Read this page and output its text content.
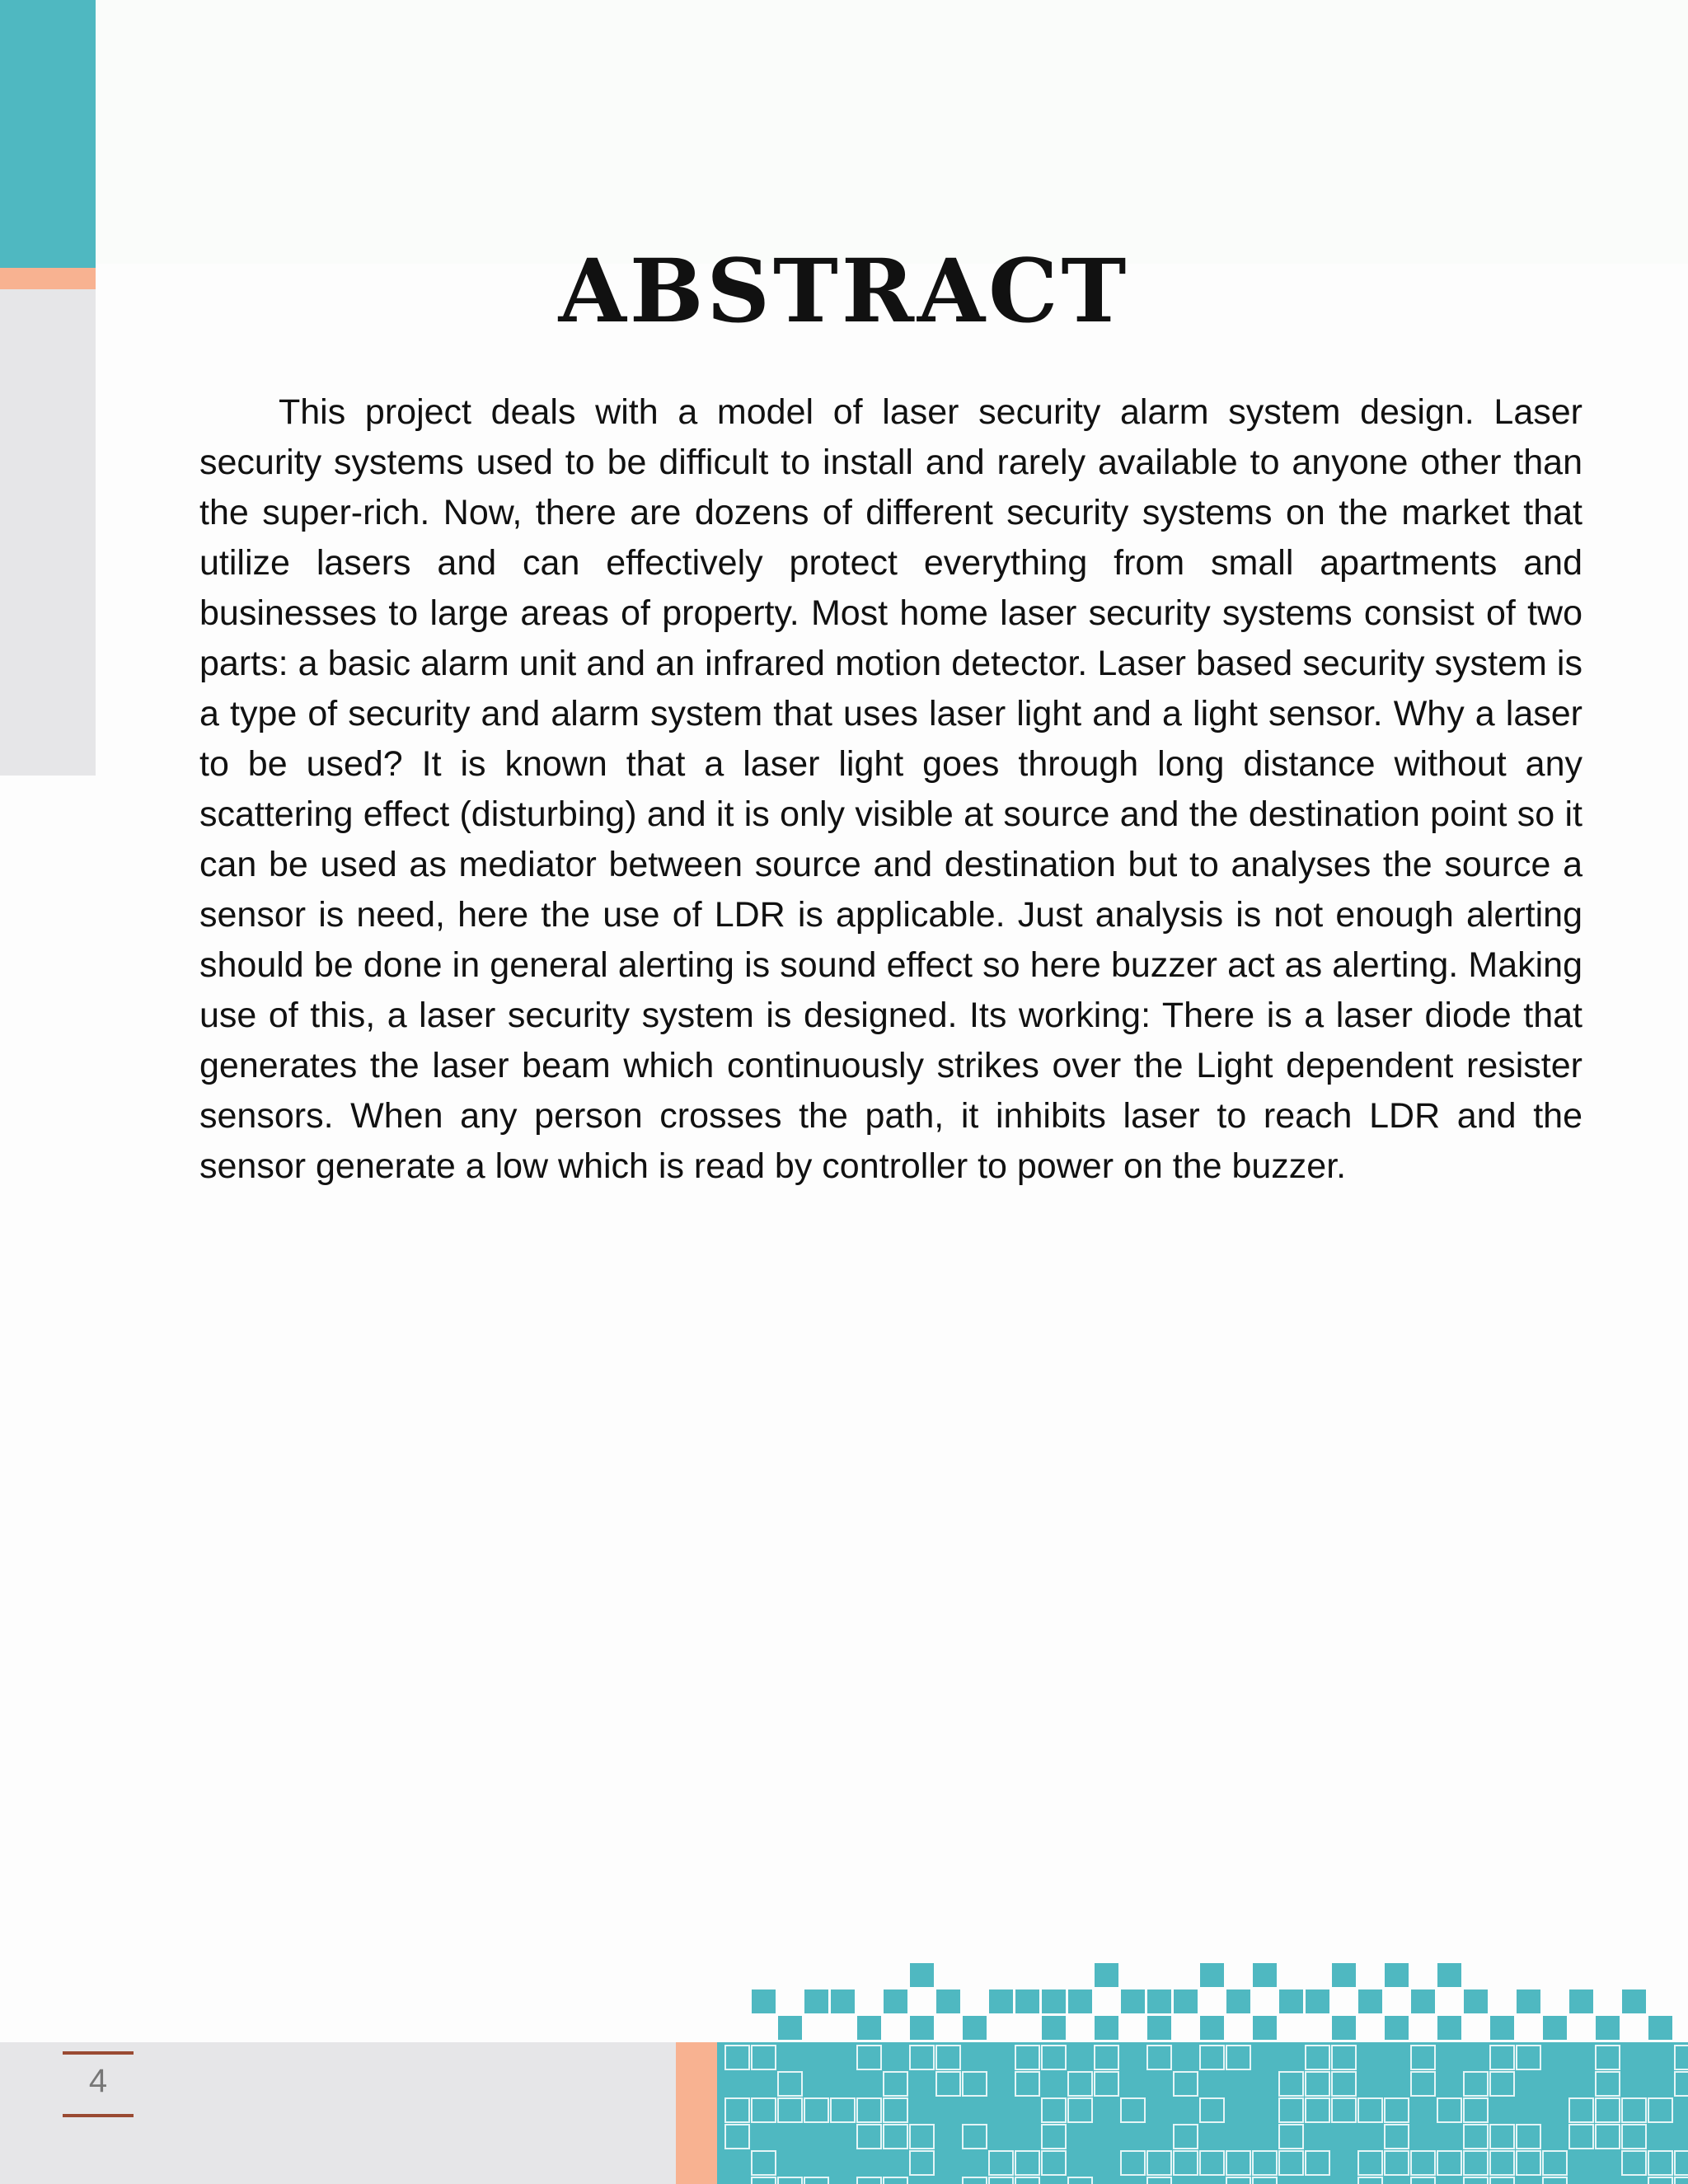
ABSTRACT

This project deals with a model of laser security alarm system design. Laser security systems used to be difficult to install and rarely available to anyone other than the super-rich. Now, there are dozens of different security systems on the market that utilize lasers and can effectively protect everything from small apartments and businesses to large areas of property. Most home laser security systems consist of two parts: a basic alarm unit and an infrared motion detector. Laser based security system is a type of security and alarm system that uses laser light and a light sensor. Why a laser to be used? It is known that a laser light goes through long distance without any scattering effect (disturbing) and it is only visible at source and the destination point so it can be used as mediator between source and destination but to analyses the source a sensor is need, here the use of LDR is applicable. Just analysis is not enough alerting should be done in general alerting is sound effect so here buzzer act as alerting. Making use of this, a laser security system is designed. Its working: There is a laser diode that generates the laser beam which continuously strikes over the Light dependent resister sensors. When any person crosses the path, it inhibits laser to reach LDR and the sensor generate a low which is read by controller to power on the buzzer.

4
